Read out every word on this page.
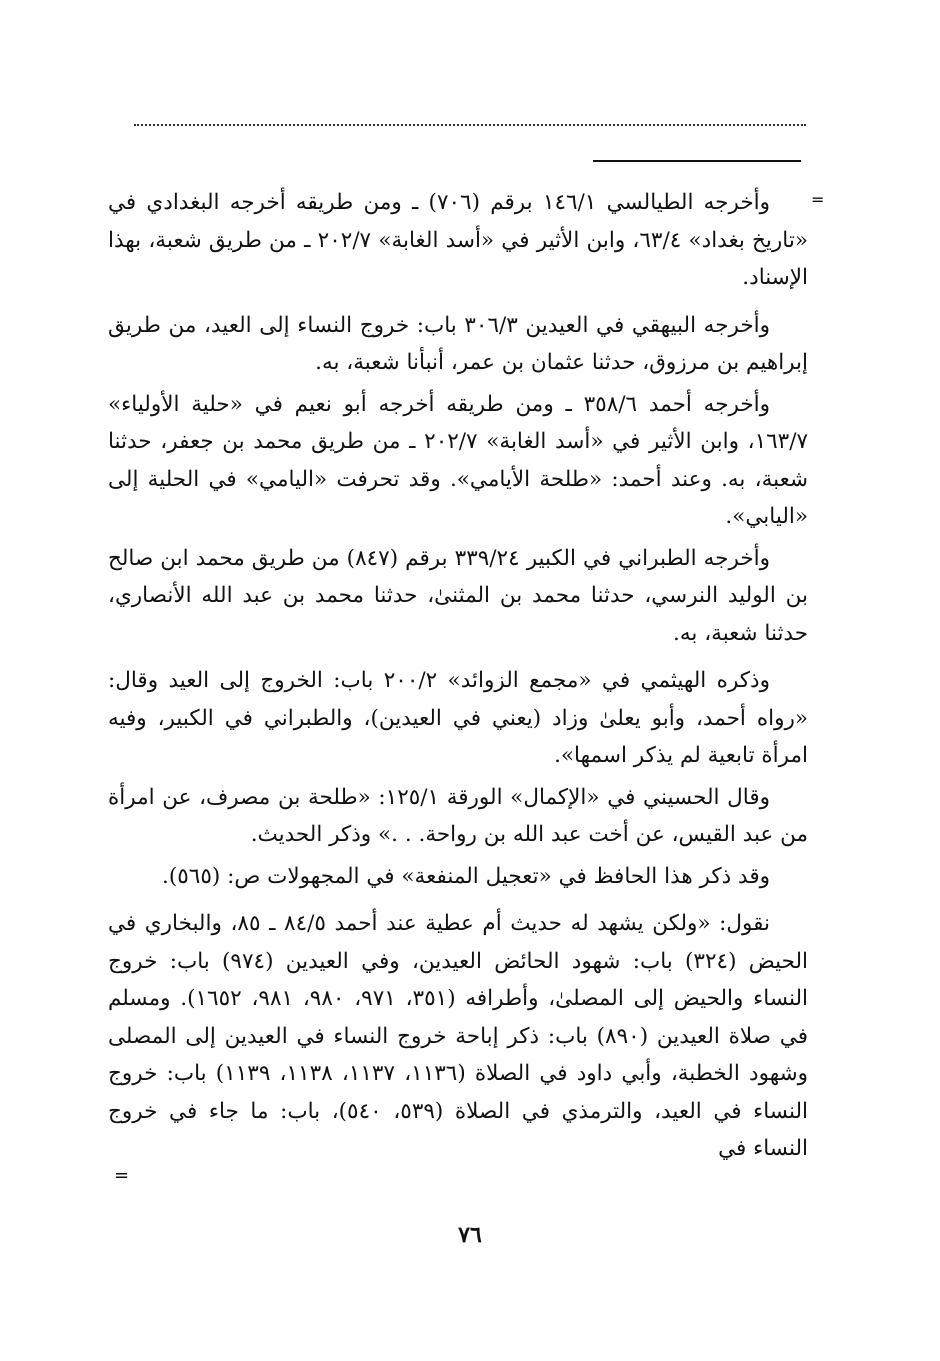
=

وأخرجه الطيالسي ١٤٦/١ برقم (٧٠٦) ـ ومن طريقه أخرجه البغدادي في «تاريخ بغداد» ٦٣/٤، وابن الأثير في «أسد الغابة» ٢٠٢/٧ ـ من طريق شعبة، بهذا الإسناد.

وأخرجه البيهقي في العيدين ٣٠٦/٣ باب: خروج النساء إلى العيد، من طريق إبراهيم بن مرزوق، حدثنا عثمان بن عمر، أنبأنا شعبة، به.

وأخرجه أحمد ٣٥٨/٦ ـ ومن طريقه أخرجه أبو نعيم في «حلية الأولياء» ١٦٣/٧، وابن الأثير في «أسد الغابة» ٢٠٢/٧ ـ من طريق محمد بن جعفر، حدثنا شعبة، به. وعند أحمد: «طلحة الأيامي». وقد تحرفت «اليامي» في الحلية إلى «اليابي».

وأخرجه الطبراني في الكبير ٣٣٩/٢٤ برقم (٨٤٧) من طريق محمد ابن صالح بن الوليد النرسي، حدثنا محمد بن المثنىٰ، حدثنا محمد بن عبد الله الأنصاري، حدثنا شعبة، به.

وذكره الهيثمي في «مجمع الزوائد» ٢٠٠/٢ باب: الخروج إلى العيد وقال: «رواه أحمد، وأبو يعلىٰ وزاد (يعني في العيدين)، والطبراني في الكبير، وفيه امرأة تابعية لم يذكر اسمها».

وقال الحسيني في «الإكمال» الورقة ١٢٥/١: «طلحة بن مصرف، عن امرأة من عبد القيس، عن أخت عبد الله بن رواحة. . .» وذكر الحديث.

وقد ذكر هذا الحافظ في «تعجيل المنفعة» في المجهولات ص: (٥٦٥).

نقول: «ولكن يشهد له حديث أم عطية عند أحمد ٨٤/٥ ـ ٨٥، والبخاري في الحيض (٣٢٤) باب: شهود الحائض العيدين، وفي العيدين (٩٧٤) باب: خروج النساء والحيض إلى المصلىٰ، وأطرافه (٣٥١، ٩٧١، ٩٨٠، ٩٨١، ١٦٥٢). ومسلم في صلاة العيدين (٨٩٠) باب: ذكر إباحة خروج النساء في العيدين إلى المصلى وشهود الخطبة، وأبي داود في الصلاة (١١٣٦، ١١٣٧، ١١٣٨، ١١٣٩) باب: خروج النساء في العيد، والترمذي في الصلاة (٥٣٩، ٥٤٠)، باب: ما جاء في خروج النساء في

=
٧٦
